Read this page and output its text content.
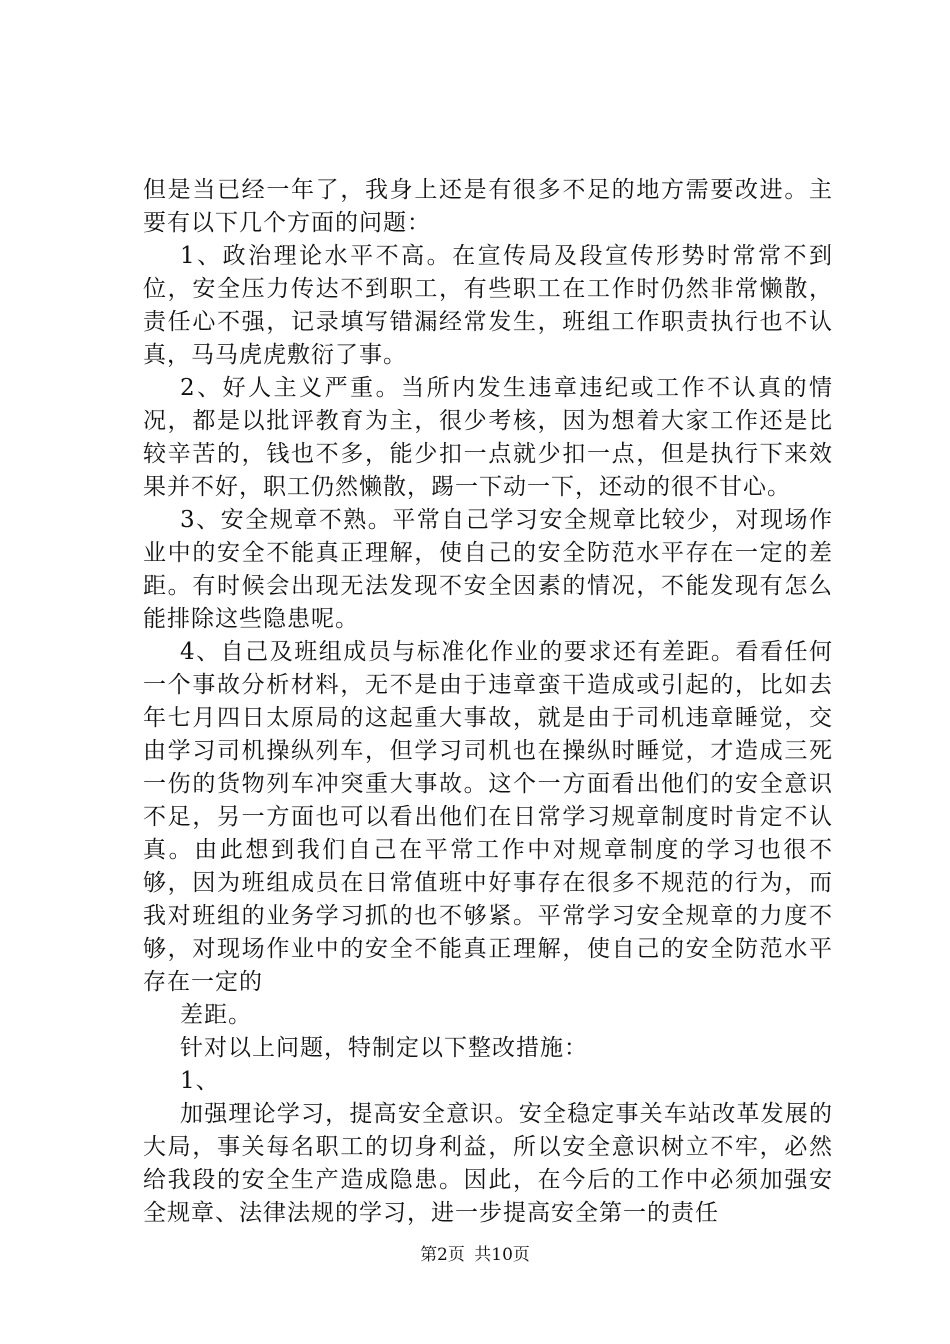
但是当已经一年了，我身上还是有很多不足的地方需要改进。主要有以下几个方面的问题：

1、政治理论水平不高。在宣传局及段宣传形势时常常不到位，安全压力传达不到职工，有些职工在工作时仍然非常懒散，责任心不强，记录填写错漏经常发生，班组工作职责执行也不认真，马马虎虎敷衍了事。

2、好人主义严重。当所内发生违章违纪或工作不认真的情况，都是以批评教育为主，很少考核，因为想着大家工作还是比较辛苦的，钱也不多，能少扣一点就少扣一点，但是执行下来效果并不好，职工仍然懒散，踢一下动一下，还动的很不甘心。

3、安全规章不熟。平常自己学习安全规章比较少，对现场作业中的安全不能真正理解，使自己的安全防范水平存在一定的差距。有时候会出现无法发现不安全因素的情况，不能发现有怎么能排除这些隐患呢。

4、自己及班组成员与标准化作业的要求还有差距。看看任何一个事故分析材料，无不是由于违章蛮干造成或引起的，比如去年七月四日太原局的这起重大事故，就是由于司机违章睡觉，交由学习司机操纵列车，但学习司机也在操纵时睡觉，才造成三死一伤的货物列车冲突重大事故。这个一方面看出他们的安全意识不足，另一方面也可以看出他们在日常学习规章制度时肯定不认真。由此想到我们自己在平常工作中对规章制度的学习也很不够，因为班组成员在日常值班中好事存在很多不规范的行为，而我对班组的业务学习抓的也不够紧。平常学习安全规章的力度不够，对现场作业中的安全不能真正理解，使自己的安全防范水平存在一定的

差距。

针对以上问题，特制定以下整改措施：

1、

加强理论学习，提高安全意识。安全稳定事关车站改革发展的大局，事关每名职工的切身利益，所以安全意识树立不牢，必然给我段的安全生产造成隐患。因此，在今后的工作中必须加强安全规章、法律法规的学习，进一步提高安全第一的责任

第2页 共10页
